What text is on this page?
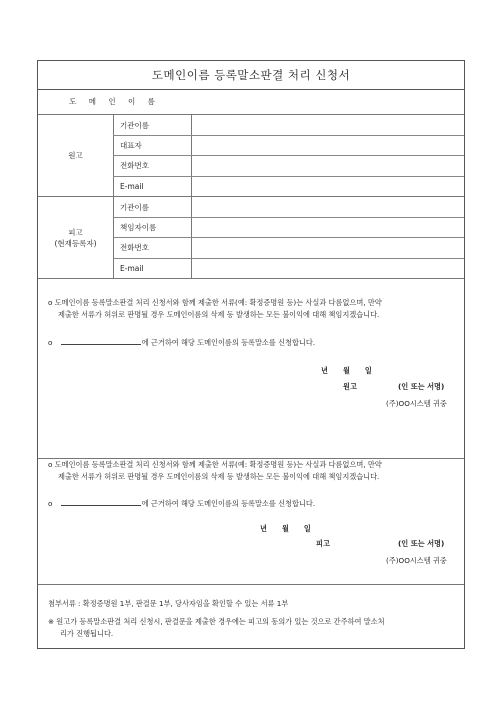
도메인이름 등록말소판결 처리 신청서
도 메 인 이 름
원고
기관이름
대표자
전화번호
E-mail
피고
(현재등록자)
기관이름
책임자이름
전화번호
E-mail
o 도메인이름 등록말소판결 처리 신청서와 함께 제출한 서류(예: 확정증명원 등)는 사실과 다름없으며, 만약
제출한 서류가 허위로 판명될 경우 도메인이름의 삭제 등 발생하는 모든 불이익에 대해 책임지겠습니다.
o	에 근거하여 해당 도메인이름의 등록말소를 신청합니다.
년      월      일
원고	(인 또는 서명)
(주)OO시스템 귀중
o 도메인이름 등록말소판결 처리 신청서와 함께 제출한 서류(예: 확정증명원 등)는 사실과 다름없으며, 만약
제출한 서류가 허위로 판명될 경우 도메인이름의 삭제 등 발생하는 모든 불이익에 대해 책임지겠습니다.
o	에 근거하여 해당 도메인이름의 등록말소를 신청합니다.
년      월      일
피고	(인 또는 서명)
(주)OO시스템 귀중
첨부서류 : 확정증명원 1부, 판결문 1부, 당사자임을 확인할 수 있는 서류 1부
※ 원고가 등록말소판결 처리 신청시, 판결문을 제출한 경우에는 피고의 동의가 있는 것으로 간주하여 말소처
리가 진행됩니다.
